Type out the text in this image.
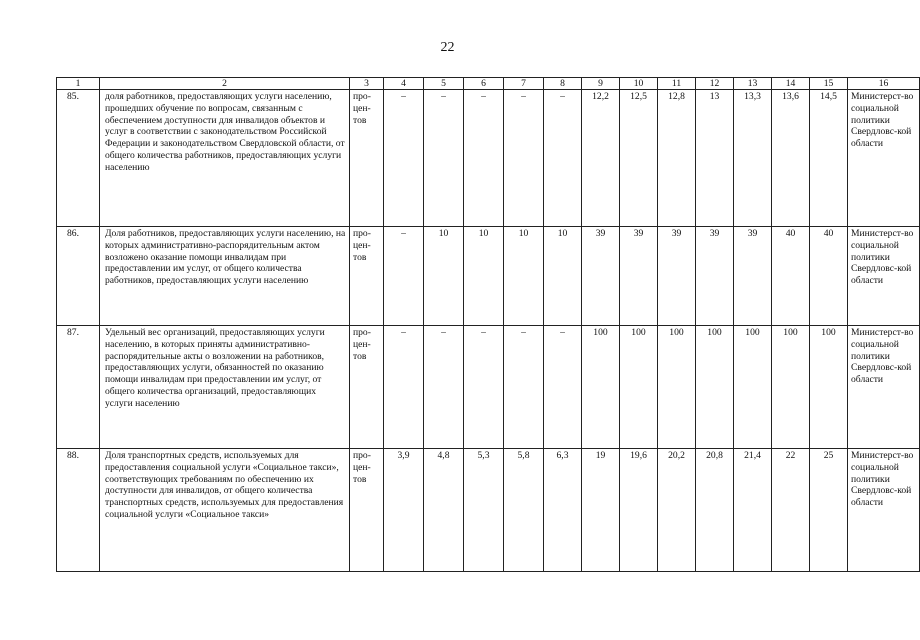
22
1	2	3	4	5	6	7	8	9	10	11	12	13	14	15	16
85.	доля работников, предоставляющих услуги населению, прошедших обучение по вопросам, связанным с обеспечением доступности для инвалидов объектов и услуг в соответствии с законодательством Российской Федерации и законодательством Свердловской области, от общего количества работников, предоставляющих услуги населению	про-цен-тов	–	–	–	–	–	12,2	12,5	12,8	13	13,3	13,6	14,5	Министерст-во социальной политики Свердловс-кой области
86.	Доля работников, предоставляющих услуги населению, на которых административно-распорядительным актом возложено оказание помощи инвалидам при предоставлении им услуг, от общего количества работников, предоставляющих услуги населению	про-цен-тов	–	10	10	10	10	39	39	39	39	39	40	40	Министерст-во социальной политики Свердловс-кой области
87.	Удельный вес организаций, предоставляющих услуги населению, в которых приняты административно-распорядительные акты о возложении на работников, предоставляющих услуги, обязанностей по оказанию помощи инвалидам при предоставлении им услуг, от общего количества организаций, предоставляющих услуги населению	про-цен-тов	–	–	–	–	–	100	100	100	100	100	100	100	Министерст-во социальной политики Свердловс-кой области
88.	Доля транспортных средств, используемых для предоставления социальной услуги «Социальное такси», соответствующих требованиям по обеспечению их доступности для инвалидов, от общего количества транспортных средств, используемых для предоставления социальной услуги «Социальное такси»	про-цен-тов	3,9	4,8	5,3	5,8	6,3	19	19,6	20,2	20,8	21,4	22	25	Министерст-во социальной политики Свердловс-кой области
